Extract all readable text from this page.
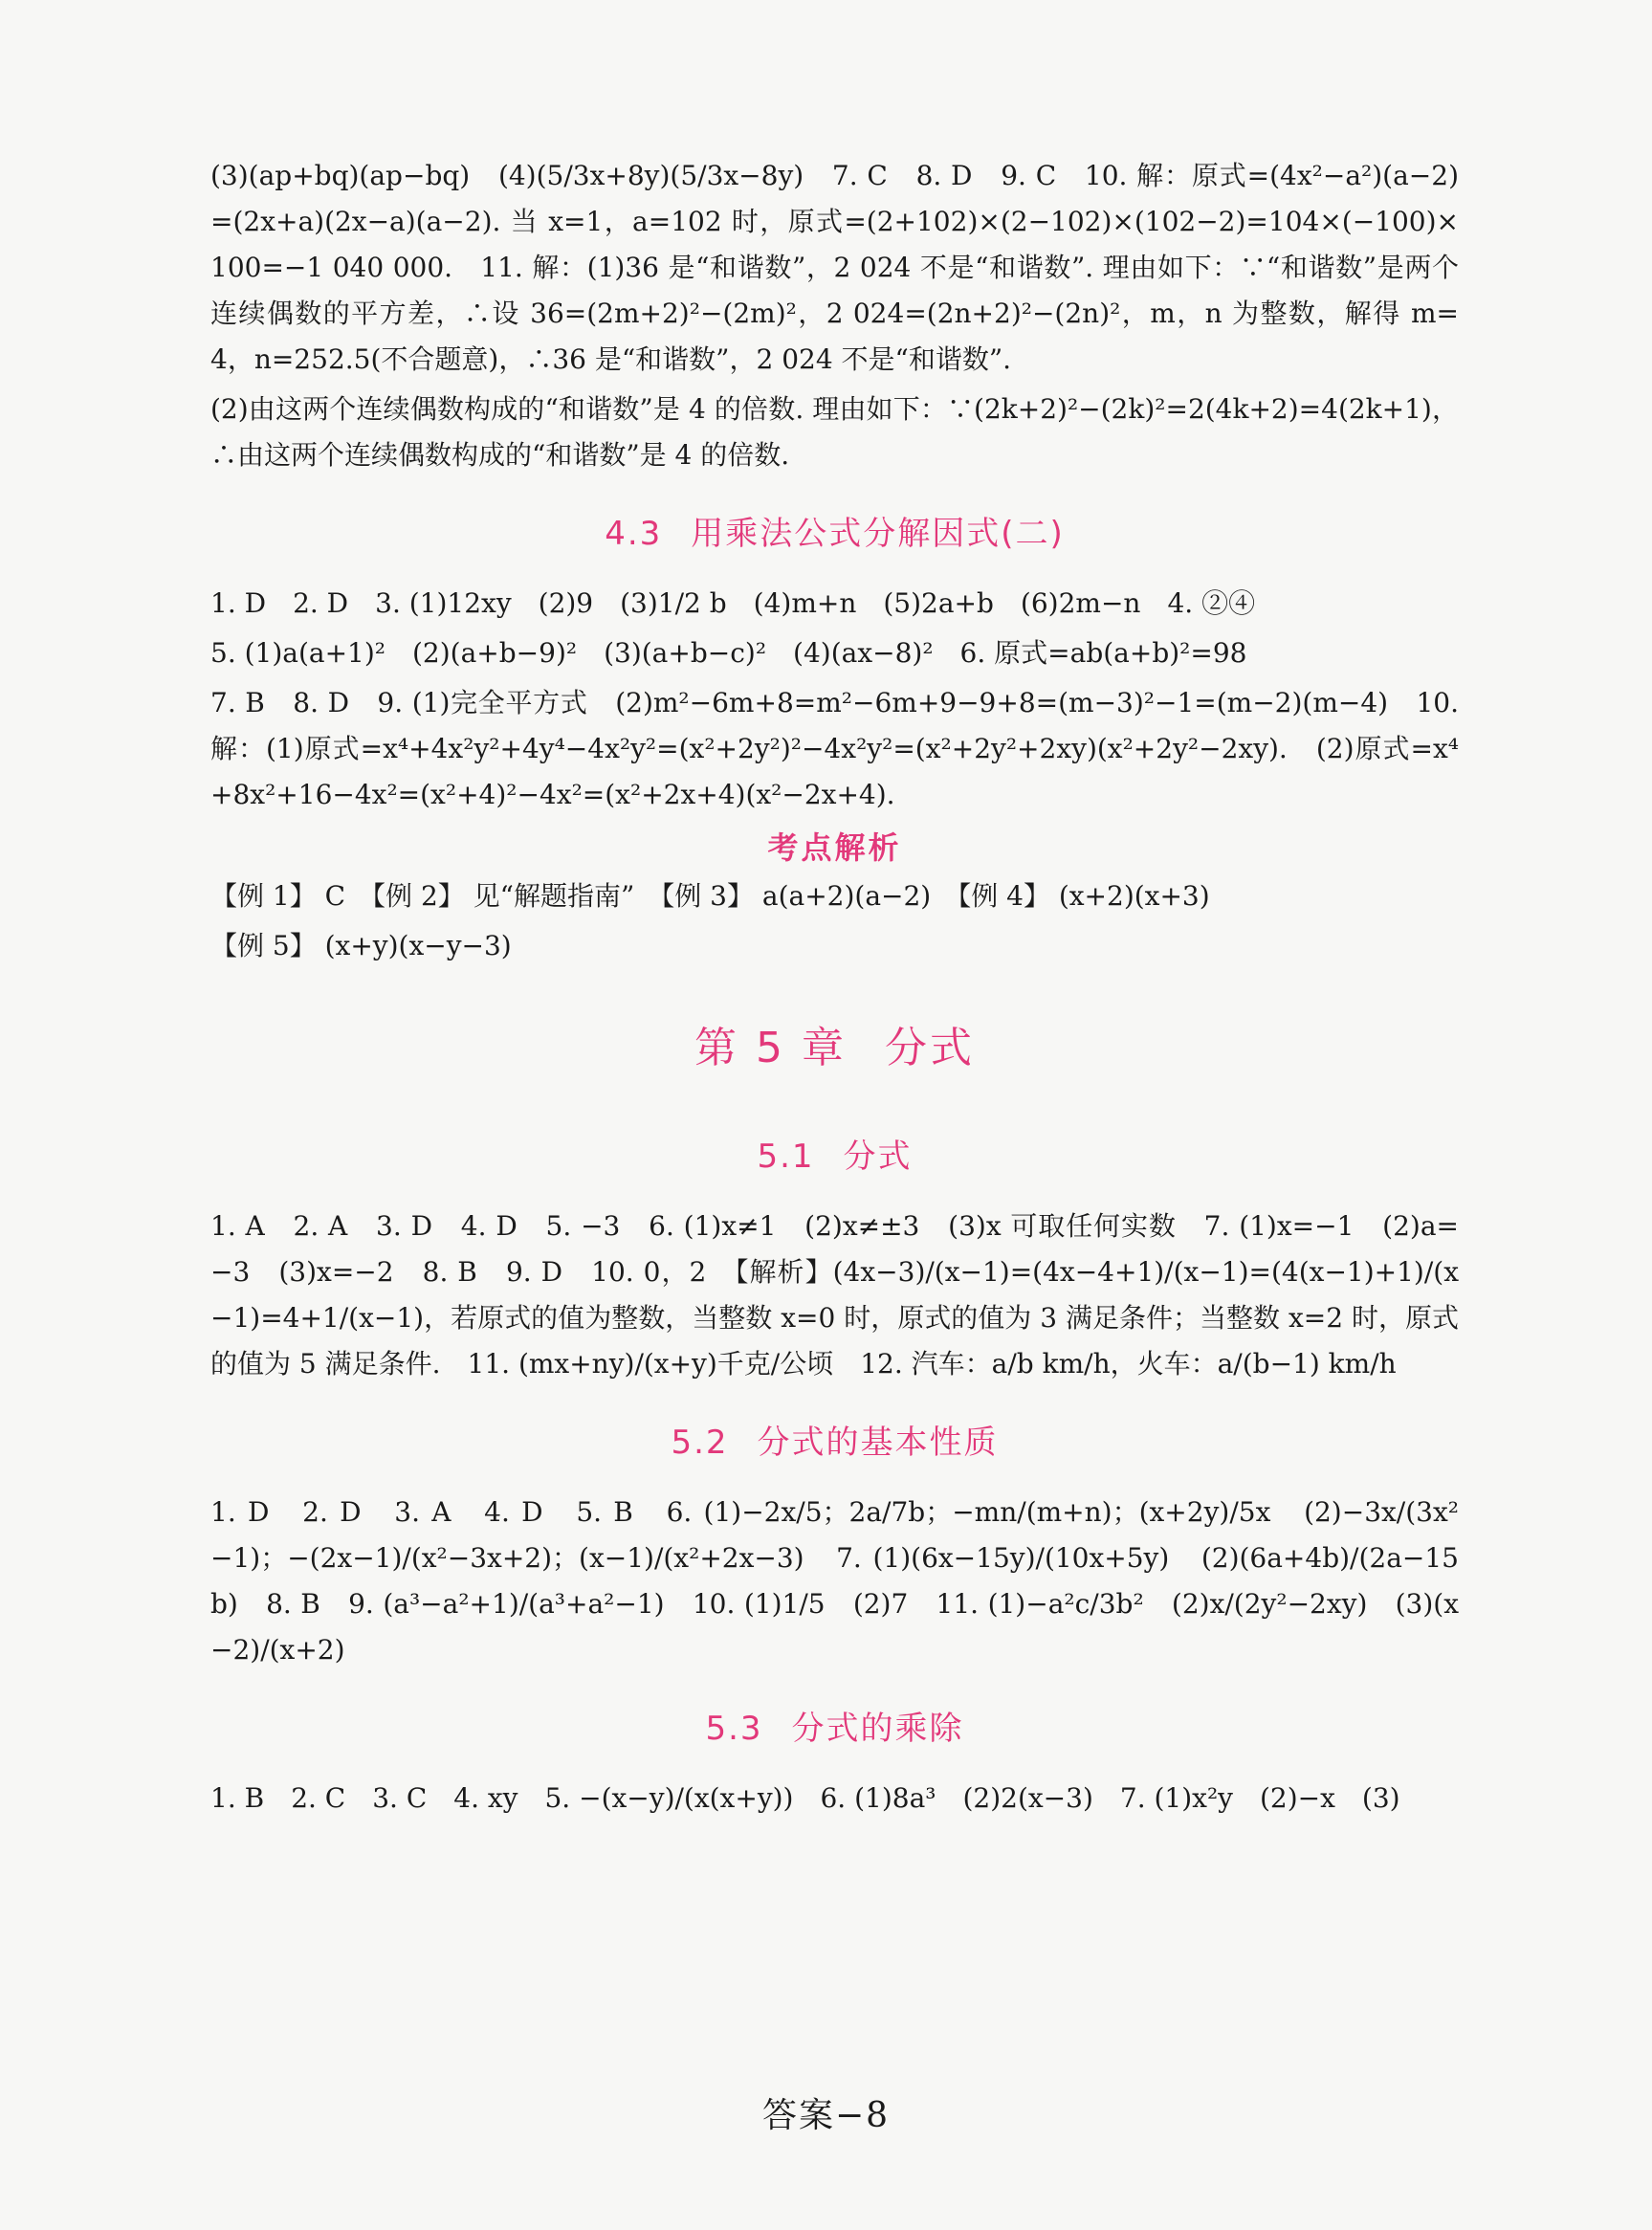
(3)(ap+bq)(ap−bq)　(4)(5/3x+8y)(5/3x−8y)　7. C　8. D　9. C　10. 解：原式=(4x²−a²)(a−2)=(2x+a)(2x−a)(a−2). 当 x=1，a=102 时，原式=(2+102)×(2−102)×(102−2)=104×(−100)×100=−1 040 000.　11. 解：(1)36 是“和谐数”，2 024 不是“和谐数”. 理由如下：∵“和谐数”是两个连续偶数的平方差，∴设 36=(2m+2)²−(2m)²，2 024=(2n+2)²−(2n)²，m，n 为整数，解得 m=4，n=252.5(不合题意)，∴36 是“和谐数”，2 024 不是“和谐数”.

(2)由这两个连续偶数构成的“和谐数”是 4 的倍数. 理由如下：∵(2k+2)²−(2k)²=2(4k+2)=4(2k+1)，∴由这两个连续偶数构成的“和谐数”是 4 的倍数.

4.3 用乘法公式分解因式(二)

1. D　2. D　3. (1)12xy　(2)9　(3)1/2 b　(4)m+n　(5)2a+b　(6)2m−n　4. ②④

5. (1)a(a+1)²　(2)(a+b−9)²　(3)(a+b−c)²　(4)(ax−8)²　6. 原式=ab(a+b)²=98

7. B　8. D　9. (1)完全平方式　(2)m²−6m+8=m²−6m+9−9+8=(m−3)²−1=(m−2)(m−4)　10. 解：(1)原式=x⁴+4x²y²+4y⁴−4x²y²=(x²+2y²)²−4x²y²=(x²+2y²+2xy)(x²+2y²−2xy).　(2)原式=x⁴+8x²+16−4x²=(x²+4)²−4x²=(x²+2x+4)(x²−2x+4).

考点解析

【例 1】 C　【例 2】 见“解题指南”　【例 3】 a(a+2)(a−2)　【例 4】 (x+2)(x+3)

【例 5】 (x+y)(x−y−3)

第 5 章 分式
5.1 分式

1. A　2. A　3. D　4. D　5. −3　6. (1)x≠1　(2)x≠±3　(3)x 可取任何实数　7. (1)x=−1　(2)a=−3　(3)x=−2　8. B　9. D　10. 0，2　【解析】(4x−3)/(x−1)=(4x−4+1)/(x−1)=(4(x−1)+1)/(x−1)=4+1/(x−1)，若原式的值为整数，当整数 x=0 时，原式的值为 3 满足条件；当整数 x=2 时，原式的值为 5 满足条件.　11. (mx+ny)/(x+y)千克/公顷　12. 汽车：a/b km/h，火车：a/(b−1) km/h

5.2 分式的基本性质

1. D　2. D　3. A　4. D　5. B　6. (1)−2x/5；2a/7b；−mn/(m+n)；(x+2y)/5x　(2)−3x/(3x²−1)；−(2x−1)/(x²−3x+2)；(x−1)/(x²+2x−3)　7. (1)(6x−15y)/(10x+5y)　(2)(6a+4b)/(2a−15b)　8. B　9. (a³−a²+1)/(a³+a²−1)　10. (1)1/5　(2)7　11. (1)−a²c/3b²　(2)x/(2y²−2xy)　(3)(x−2)/(x+2)

5.3 分式的乘除

1. B　2. C　3. C　4. xy　5. −(x−y)/(x(x+y))　6. (1)8a³　(2)2(x−3)　7. (1)x²y　(2)−x　(3)

答案−8
